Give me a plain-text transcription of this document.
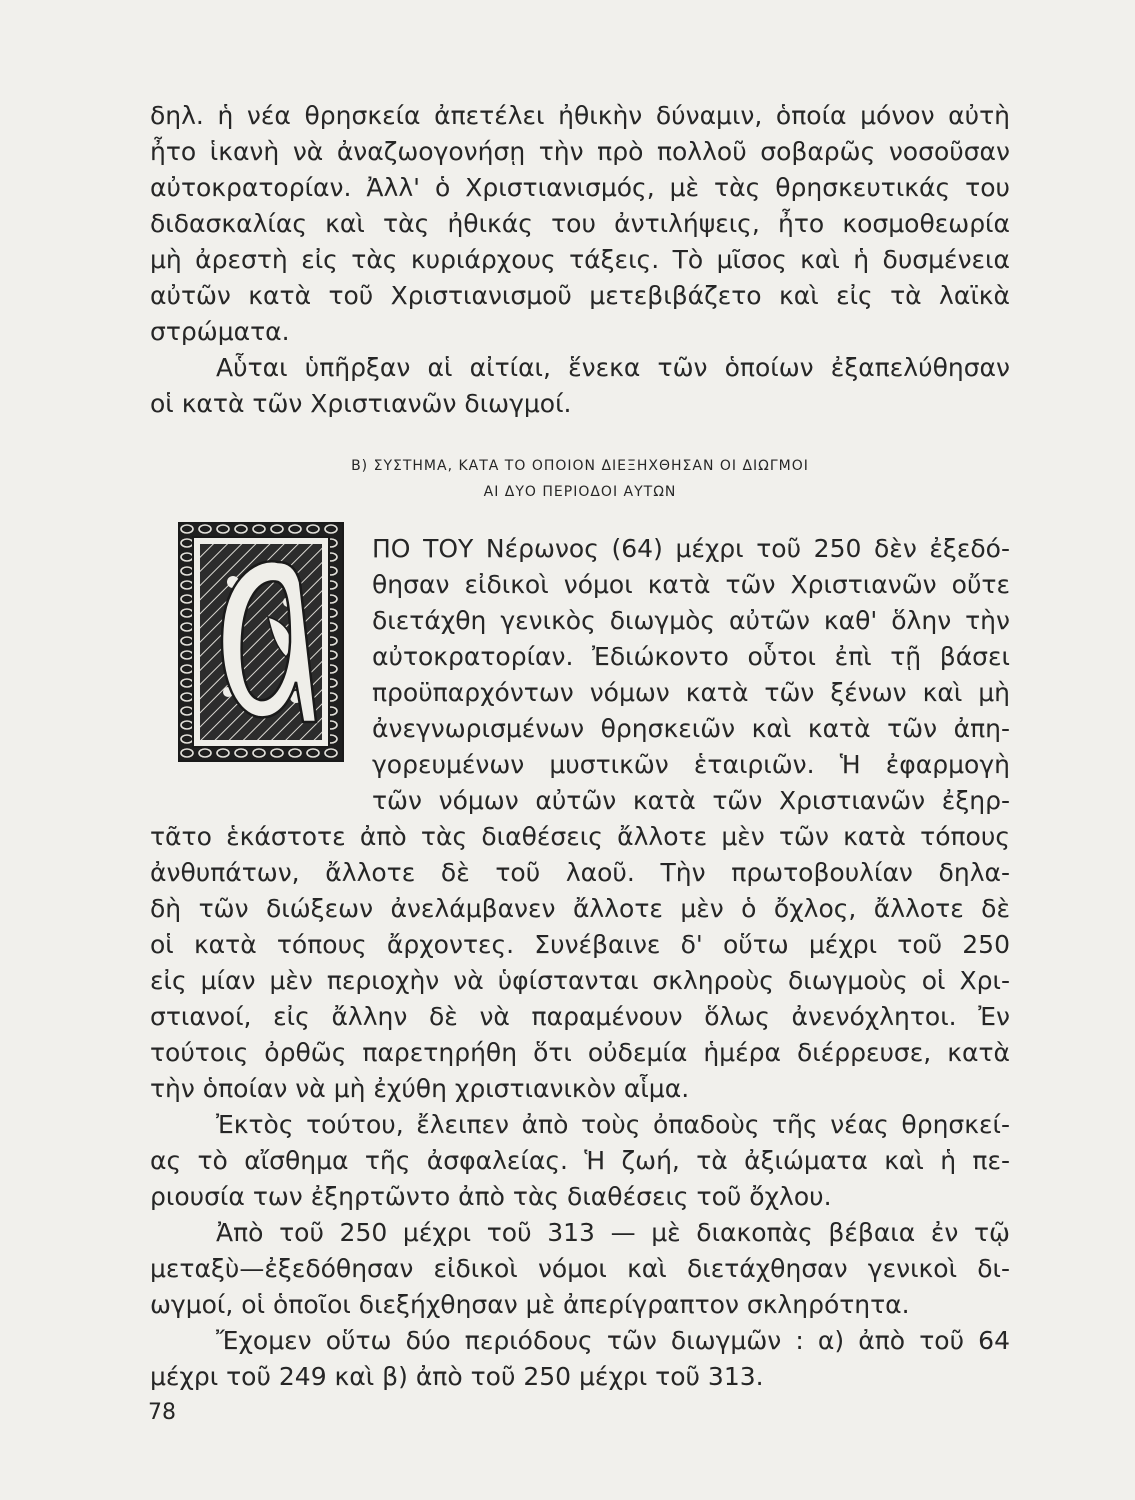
δηλ. ἡ νέα θρησκεία ἀπετέλει ἠθικὴν δύναμιν, ὁποία μόνον αὐτὴ
ἦτο ἱκανὴ νὰ ἀναζωογονήσῃ τὴν πρὸ πολλοῦ σοβαρῶς νοσοῦσαν
αὐτοκρατορίαν. Ἀλλ' ὁ Χριστιανισμός, μὲ τὰς θρησκευτικάς του
διδασκαλίας καὶ τὰς ἠθικάς του ἀντιλήψεις, ἦτο κοσμοθεωρία
μὴ ἀρεστὴ εἰς τὰς κυριάρχους τάξεις. Τὸ μῖσος καὶ ἡ δυσμένεια
αὐτῶν κατὰ τοῦ Χριστιανισμοῦ μετεβιβάζετο καὶ εἰς τὰ λαϊκὰ
στρώματα.
Αὗται ὑπῆρξαν αἱ αἰτίαι, ἕνεκα τῶν ὁποίων ἐξαπελύθησαν
οἱ κατὰ τῶν Χριστιανῶν διωγμοί.
Β) ΣΥΣΤΗΜΑ, ΚΑΤΑ ΤΟ ΟΠΟΙΟΝ ΔΙΕΞΗΧΘΗΣΑΝ ΟΙ ΔΙΩΓΜΟΙ
ΑΙ ΔΥΟ ΠΕΡΙΟΔΟΙ ΑΥΤΩΝ
ΠΟ ΤΟΥ Νέρωνος (64) μέχρι τοῦ 250 δὲν ἐξεδό-
θησαν εἰδικοὶ νόμοι κατὰ τῶν Χριστιανῶν οὔτε
διετάχθη γενικὸς διωγμὸς αὐτῶν καθ' ὅλην τὴν
αὐτοκρατορίαν. Ἐδιώκοντο οὗτοι ἐπὶ τῇ βάσει
προϋπαρχόντων νόμων κατὰ τῶν ξένων καὶ μὴ
ἀνεγνωρισμένων θρησκειῶν καὶ κατὰ τῶν ἀπη-
γορευμένων μυστικῶν ἑταιριῶν. Ἡ ἐφαρμογὴ
τῶν νόμων αὐτῶν κατὰ τῶν Χριστιανῶν ἐξηρ-
τᾶτο ἑκάστοτε ἀπὸ τὰς διαθέσεις ἄλλοτε μὲν τῶν κατὰ τόπους
ἀνθυπάτων, ἄλλοτε δὲ τοῦ λαοῦ. Τὴν πρωτοβουλίαν δηλα-
δὴ τῶν διώξεων ἀνελάμβανεν ἄλλοτε μὲν ὁ ὄχλος, ἄλλοτε δὲ
οἱ κατὰ τόπους ἄρχοντες. Συνέβαινε δ' οὕτω μέχρι τοῦ 250
εἰς μίαν μὲν περιοχὴν νὰ ὑφίστανται σκληροὺς διωγμοὺς οἱ Χρι-
στιανοί, εἰς ἄλλην δὲ νὰ παραμένουν ὅλως ἀνενόχλητοι. Ἐν
τούτοις ὀρθῶς παρετηρήθη ὅτι οὐδεμία ἡμέρα διέρρευσε, κατὰ
τὴν ὁποίαν νὰ μὴ ἐχύθη χριστιανικὸν αἷμα.
Ἐκτὸς τούτου, ἔλειπεν ἀπὸ τοὺς ὀπαδοὺς τῆς νέας θρησκεί-
ας τὸ αἴσθημα τῆς ἀσφαλείας. Ἡ ζωή, τὰ ἀξιώματα καὶ ἡ πε-
ριουσία των ἐξηρτῶντο ἀπὸ τὰς διαθέσεις τοῦ ὄχλου.
Ἀπὸ τοῦ 250 μέχρι τοῦ 313 — μὲ διακοπὰς βέβαια ἐν τῷ
μεταξὺ—ἐξεδόθησαν εἰδικοὶ νόμοι καὶ διετάχθησαν γενικοὶ δι-
ωγμοί, οἱ ὁποῖοι διεξήχθησαν μὲ ἀπερίγραπτον σκληρότητα.
Ἔχομεν οὕτω δύο περιόδους τῶν διωγμῶν : α) ἀπὸ τοῦ 64
μέχρι τοῦ 249 καὶ β) ἀπὸ τοῦ 250 μέχρι τοῦ 313.
78
